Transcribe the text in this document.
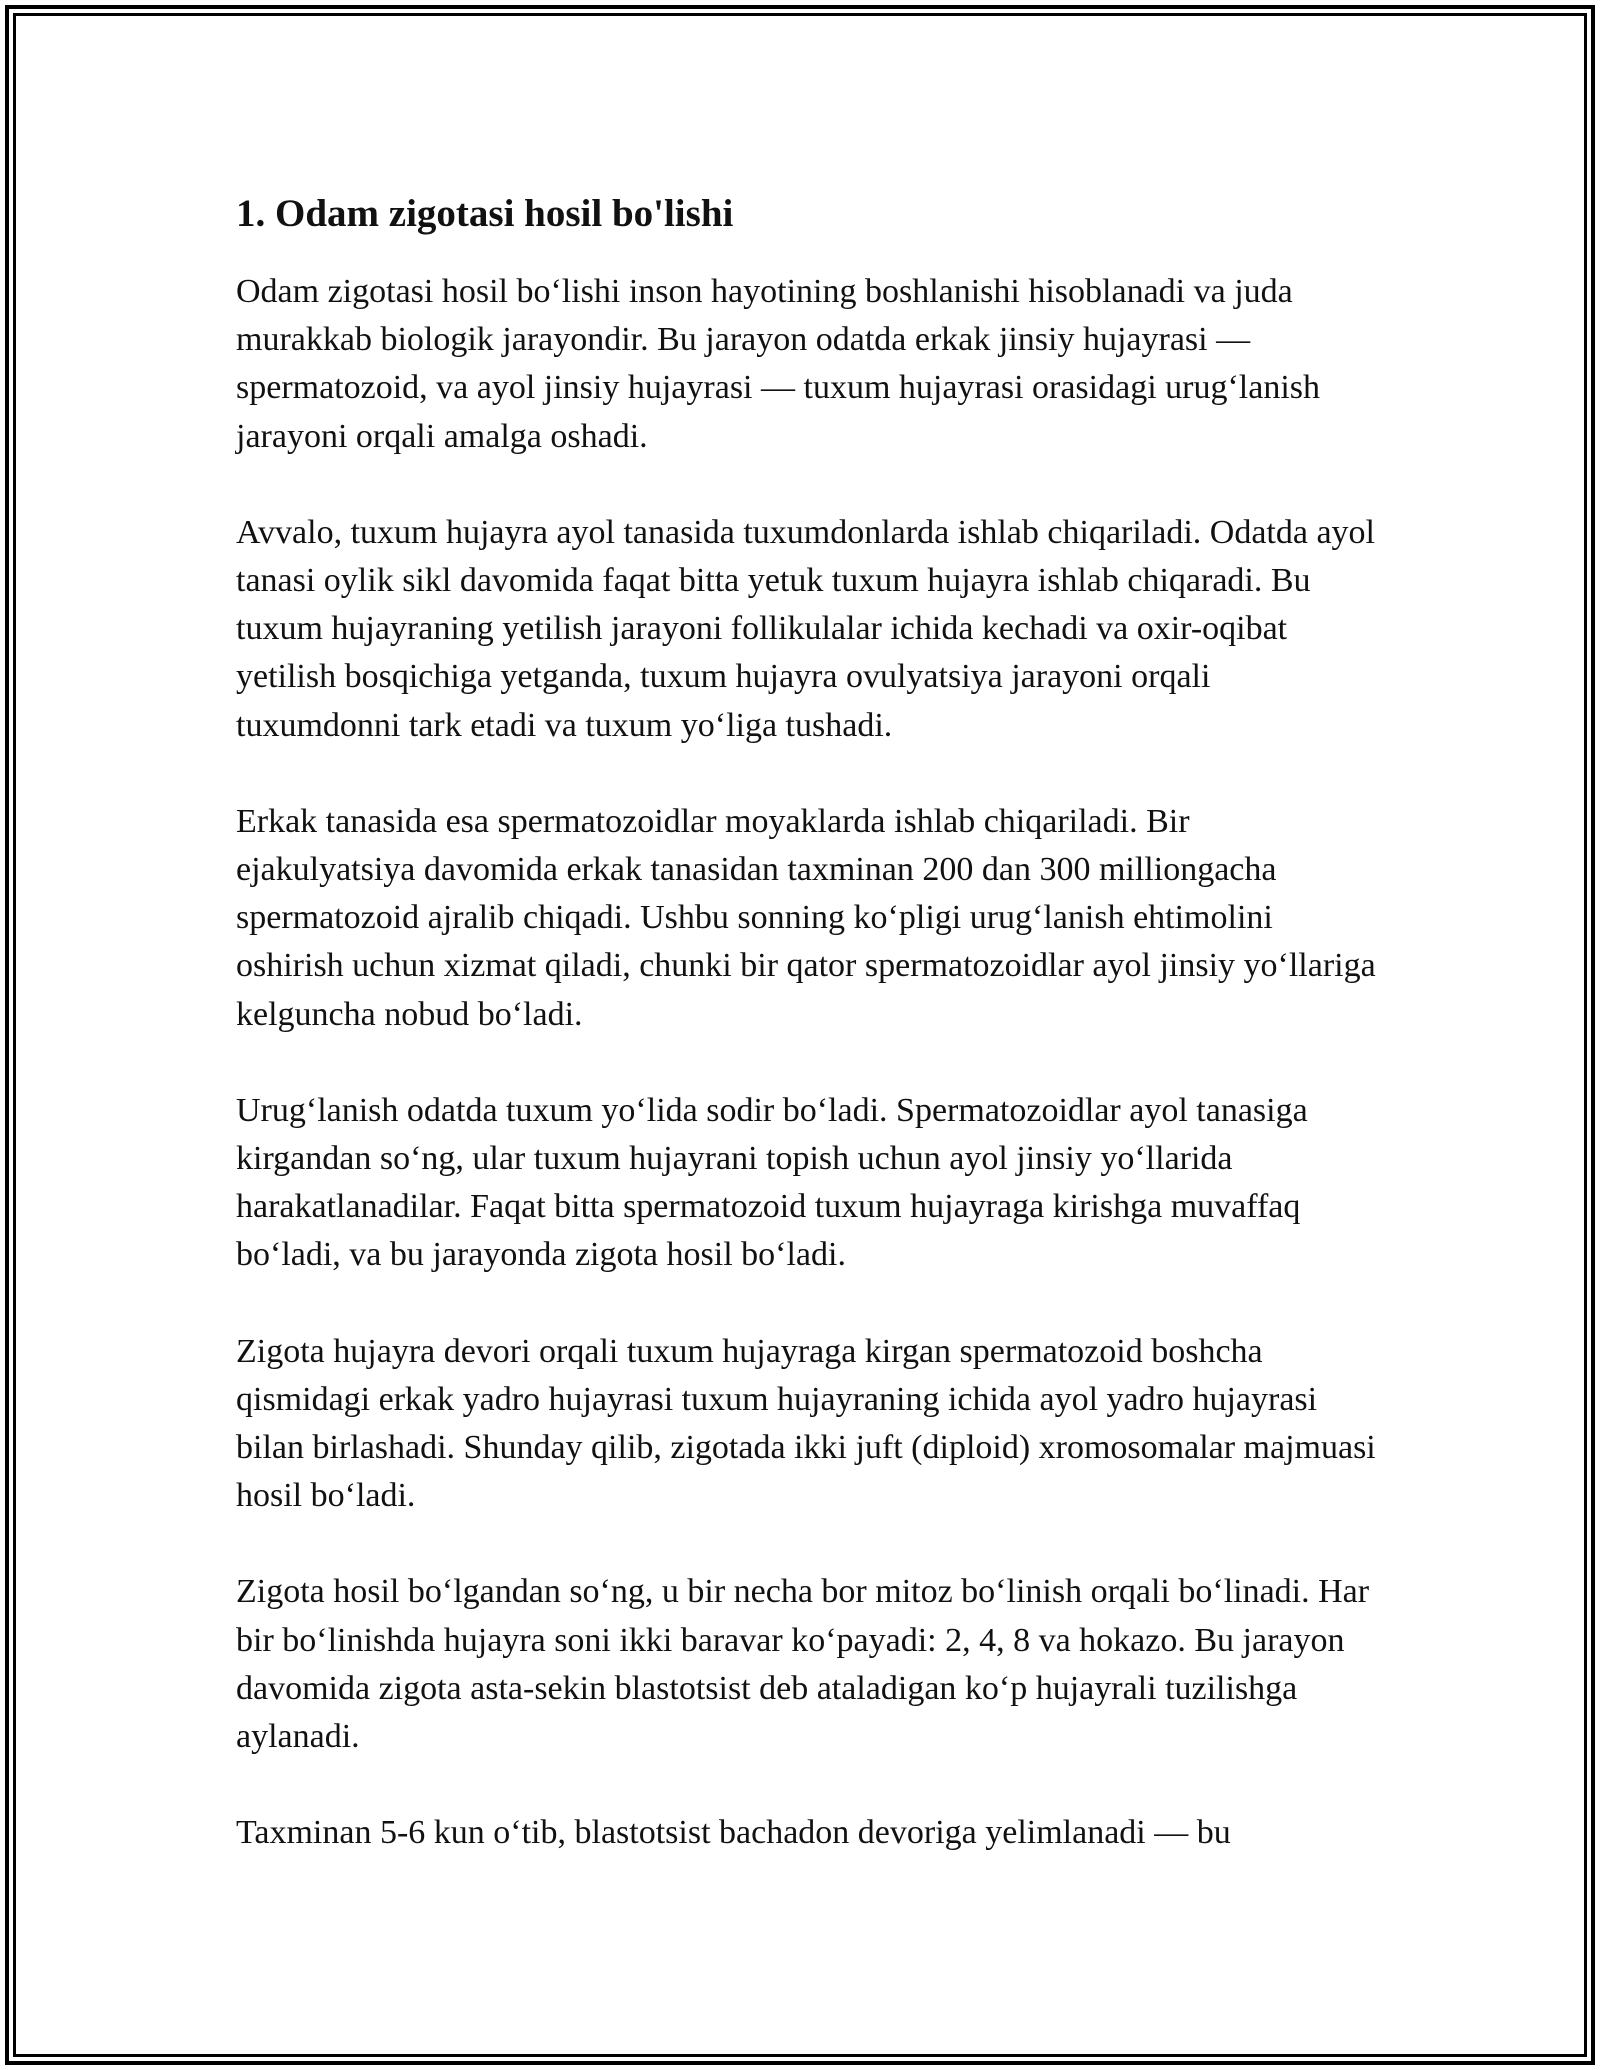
1. Odam zigotasi hosil bo'lishi

Odam zigotasi hosil bo‘lishi inson hayotining boshlanishi hisoblanadi va juda murakkab biologik jarayondir. Bu jarayon odatda erkak jinsiy hujayrasi — spermatozoid, va ayol jinsiy hujayrasi — tuxum hujayrasi orasidagi urug‘lanish jarayoni orqali amalga oshadi.

Avvalo, tuxum hujayra ayol tanasida tuxumdonlarda ishlab chiqariladi. Odatda ayol tanasi oylik sikl davomida faqat bitta yetuk tuxum hujayra ishlab chiqaradi. Bu tuxum hujayraning yetilish jarayoni follikulalar ichida kechadi va oxir-oqibat yetilish bosqichiga yetganda, tuxum hujayra ovulyatsiya jarayoni orqali tuxumdonni tark etadi va tuxum yo‘liga tushadi.

Erkak tanasida esa spermatozoidlar moyaklarda ishlab chiqariladi. Bir ejakulyatsiya davomida erkak tanasidan taxminan 200 dan 300 milliongacha spermatozoid ajralib chiqadi. Ushbu sonning ko‘pligi urug‘lanish ehtimolini oshirish uchun xizmat qiladi, chunki bir qator spermatozoidlar ayol jinsiy yo‘llariga kelguncha nobud bo‘ladi.

Urug‘lanish odatda tuxum yo‘lida sodir bo‘ladi. Spermatozoidlar ayol tanasiga kirgandan so‘ng, ular tuxum hujayrani topish uchun ayol jinsiy yo‘llarida harakatlanadilar. Faqat bitta spermatozoid tuxum hujayraga kirishga muvaffaq bo‘ladi, va bu jarayonda zigota hosil bo‘ladi.

Zigota hujayra devori orqali tuxum hujayraga kirgan spermatozoid boshcha qismidagi erkak yadro hujayrasi tuxum hujayraning ichida ayol yadro hujayrasi bilan birlashadi. Shunday qilib, zigotada ikki juft (diploid) xromosomalar majmuasi hosil bo‘ladi.

Zigota hosil bo‘lgandan so‘ng, u bir necha bor mitoz bo‘linish orqali bo‘linadi. Har bir bo‘linishda hujayra soni ikki baravar ko‘payadi: 2, 4, 8 va hokazo. Bu jarayon davomida zigota asta-sekin blastotsist deb ataladigan ko‘p hujayrali tuzilishga aylanadi.

Taxminan 5-6 kun o‘tib, blastotsist bachadon devoriga yelimlanadi — bu
